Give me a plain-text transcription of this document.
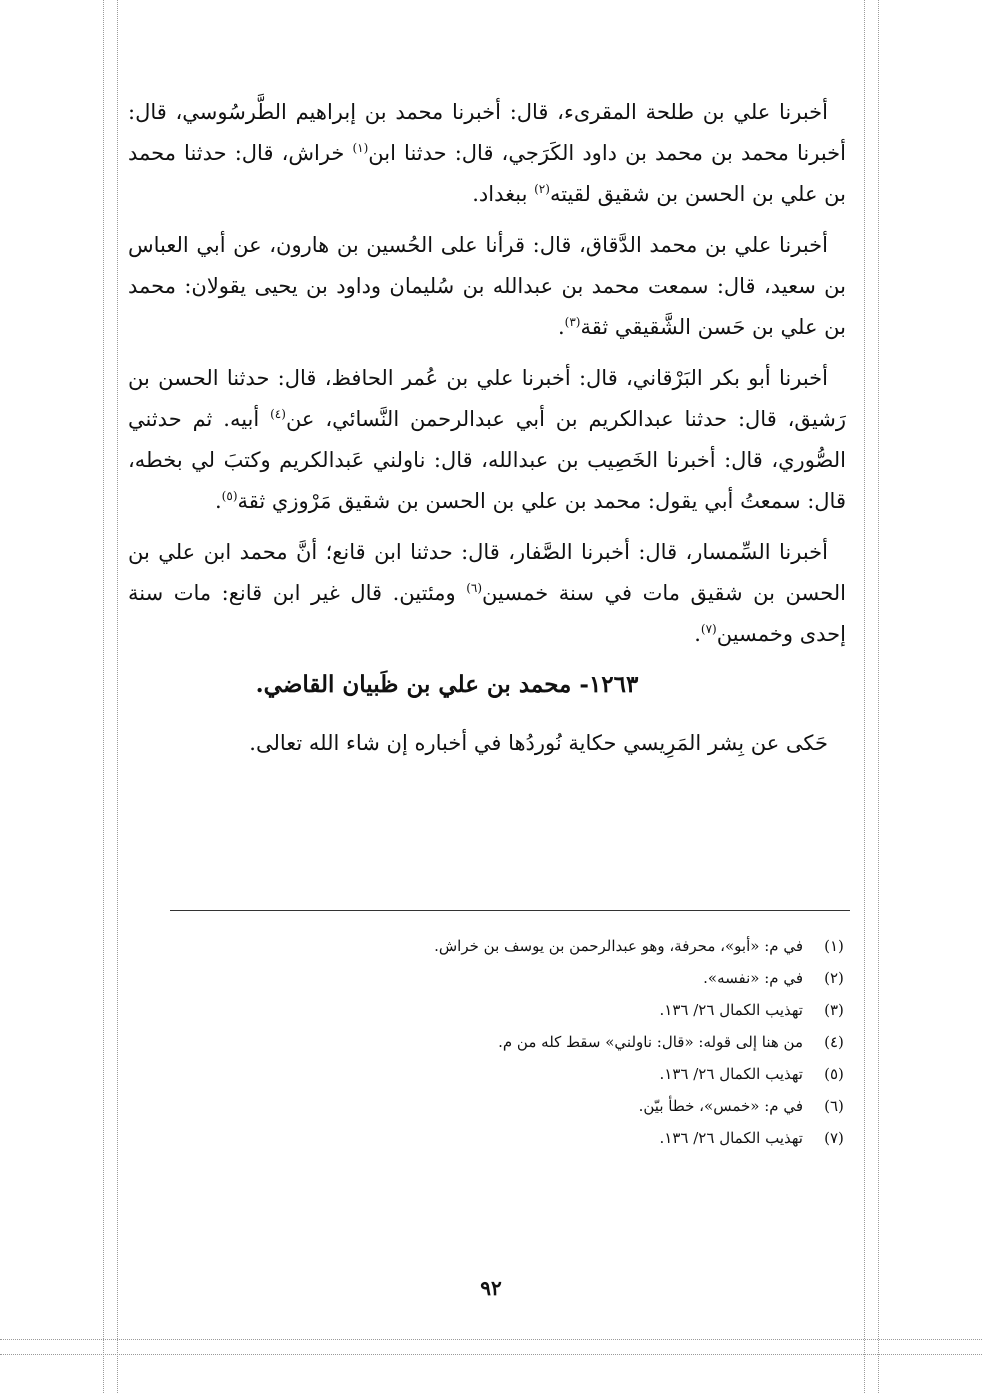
أخبرنا علي بن طلحة المقرىء، قال: أخبرنا محمد بن إبراهيم الطَّرسُوسي، قال: أخبرنا محمد بن محمد بن داود الكَرَجي، قال: حدثنا ابن$^{(١)}$ خراش، قال: حدثنا محمد بن علي بن الحسن بن شقيق لقيته$^{(٢)}$ ببغداد.

أخبرنا علي بن محمد الدَّقاق، قال: قرأنا على الحُسين بن هارون، عن أبي العباس بن سعيد، قال: سمعت محمد بن عبدالله بن سُليمان وداود بن يحيى يقولان: محمد بن علي بن حَسن الشَّقيقي ثقة$^{(٣)}$.

أخبرنا أبو بكر البَرْقاني، قال: أخبرنا علي بن عُمر الحافظ، قال: حدثنا الحسن بن رَشيق، قال: حدثنا عبدالكريم بن أبي عبدالرحمن النَّسائي، عن$^{(٤)}$ أبيه. ثم حدثني الصُّوري، قال: أخبرنا الخَصِيب بن عبدالله، قال: ناولني عَبدالكريم وكتبَ لي بخطه، قال: سمعتُ أبي يقول: محمد بن علي بن الحسن بن شقيق مَرْوزي ثقة$^{(٥)}$.

أخبرنا السِّمسار، قال: أخبرنا الصَّفار، قال: حدثنا ابن قانع؛ أنَّ محمد ابن علي بن الحسن بن شقيق مات في سنة خمسين$^{(٦)}$ ومئتين. قال غير ابن قانع: مات سنة إحدى وخمسين$^{(٧)}$.

١٢٦٣- محمد بن علي بن ظَبيان القاضي.

حَكى عن بِشر المَرِيسي حكاية نُوردُها في أخباره إن شاء الله تعالى.

(١)
في م: «أبو»، محرفة، وهو عبدالرحمن بن يوسف بن خراش.
(٢)
في م: «نفسه».
(٣)
تهذيب الكمال ٢٦/ ١٣٦.
(٤)
من هنا إلى قوله: «قال: ناولني» سقط كله من م.
(٥)
تهذيب الكمال ٢٦/ ١٣٦.
(٦)
في م: «خمس»، خطأ بيّن.
(٧)
تهذيب الكمال ٢٦/ ١٣٦.
٩٢
